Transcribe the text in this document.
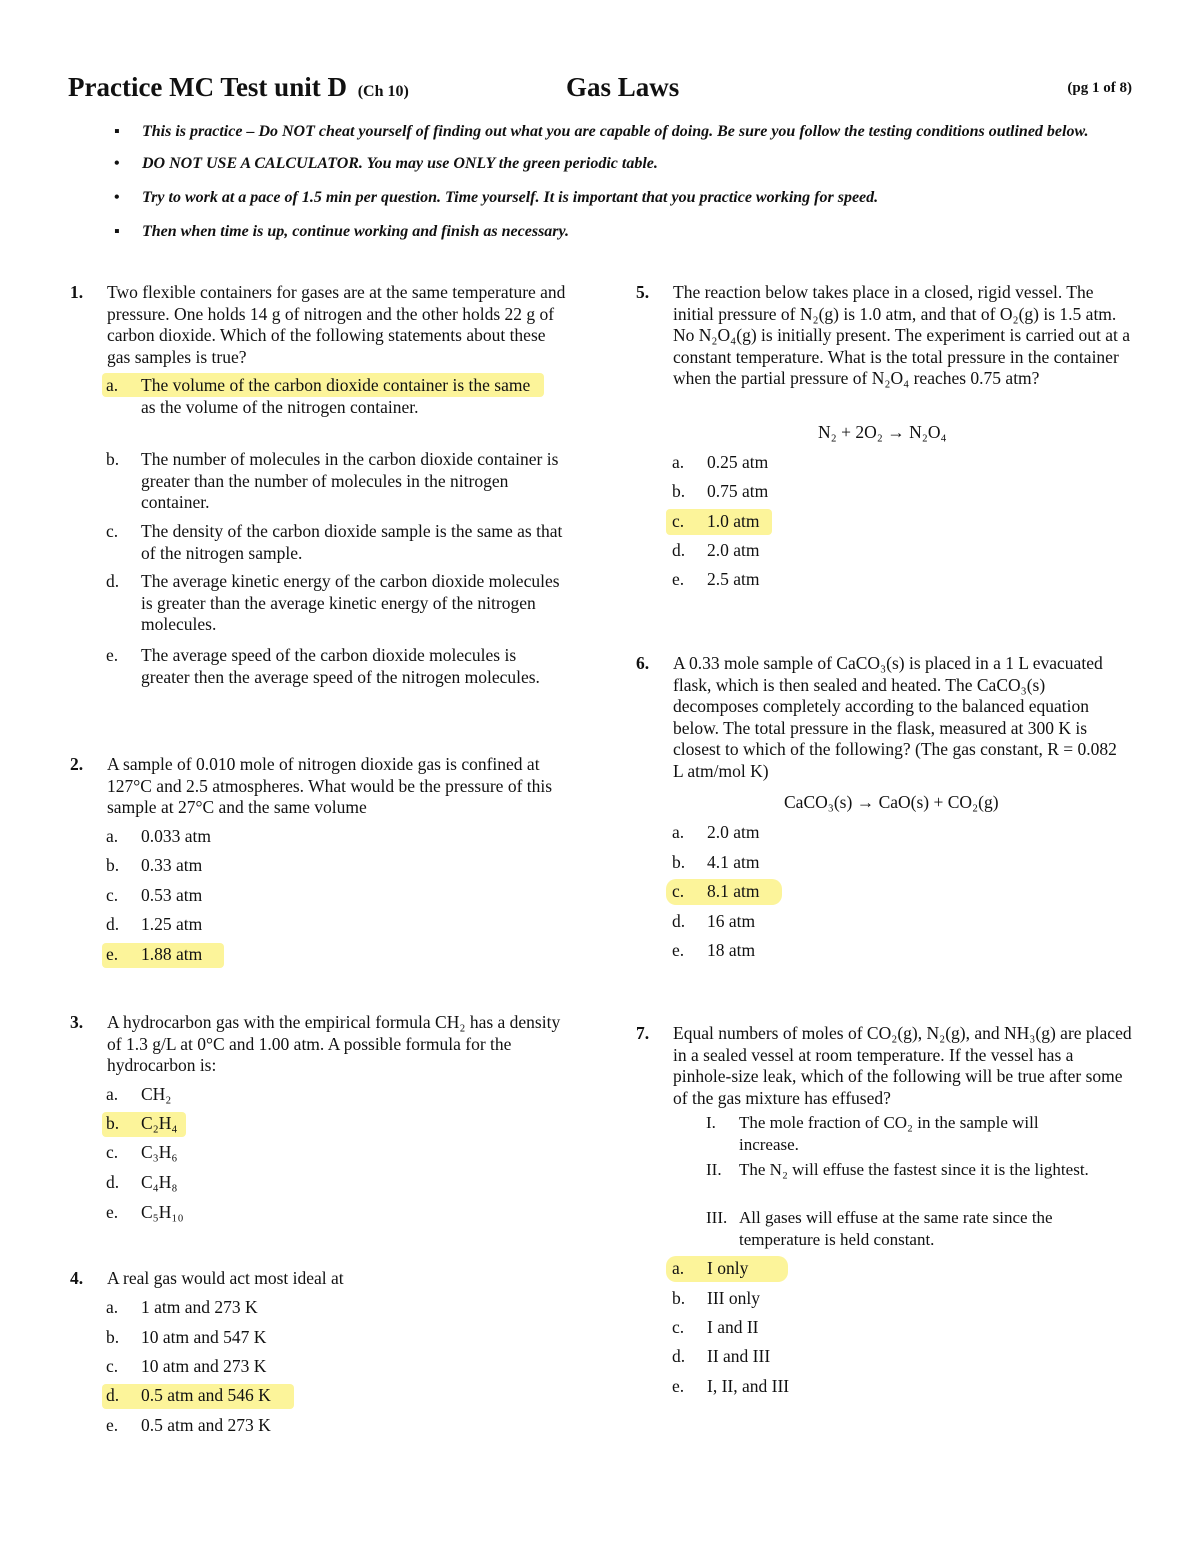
Practice MC Test unit D (Ch 10)	Gas Laws	(pg 1 of 8)
▪ This is practice – Do NOT cheat yourself of finding out what you are capable of doing. Be sure you follow the testing conditions outlined below.
• DO NOT USE A CALCULATOR. You may use ONLY the green periodic table.
• Try to work at a pace of 1.5 min per question. Time yourself. It is important that you practice working for speed.
▪ Then when time is up, continue working and finish as necessary.
1. Two flexible containers for gases are at the same temperature and pressure. One holds 14 g of nitrogen and the other holds 22 g of carbon dioxide. Which of the following statements about these gas samples is true?
a. The volume of the carbon dioxide container is the same as the volume of the nitrogen container.
b. The number of molecules in the carbon dioxide container is greater than the number of molecules in the nitrogen container.
c. The density of the carbon dioxide sample is the same as that of the nitrogen sample.
d. The average kinetic energy of the carbon dioxide molecules is greater than the average kinetic energy of the nitrogen molecules.
e. The average speed of the carbon dioxide molecules is greater then the average speed of the nitrogen molecules.
2. A sample of 0.010 mole of nitrogen dioxide gas is confined at 127°C and 2.5 atmospheres. What would be the pressure of this sample at 27°C and the same volume
a. 0.033 atm
b. 0.33 atm
c. 0.53 atm
d. 1.25 atm
e. 1.88 atm
3. A hydrocarbon gas with the empirical formula CH₂ has a density of 1.3 g/L at 0°C and 1.00 atm. A possible formula for the hydrocarbon is:
a. CH₂
b. C₂H₄
c. C₃H₆
d. C₄H₈
e. C₅H₁₀
4. A real gas would act most ideal at
a. 1 atm and 273 K
b. 10 atm and 547 K
c. 10 atm and 273 K
d. 0.5 atm and 546 K
e. 0.5 atm and 273 K
5. The reaction below takes place in a closed, rigid vessel. The initial pressure of N₂(g) is 1.0 atm, and that of O₂(g) is 1.5 atm. No N₂O₄(g) is initially present. The experiment is carried out at a constant temperature. What is the total pressure in the container when the partial pressure of N₂O₄ reaches 0.75 atm?
N₂ + 2O₂ → N₂O₄
a. 0.25 atm
b. 0.75 atm
c. 1.0 atm
d. 2.0 atm
e. 2.5 atm
6. A 0.33 mole sample of CaCO₃(s) is placed in a 1 L evacuated flask, which is then sealed and heated. The CaCO₃(s) decomposes completely according to the balanced equation below. The total pressure in the flask, measured at 300 K is closest to which of the following? (The gas constant, R = 0.082 L atm/mol K)
CaCO₃(s) → CaO(s) + CO₂(g)
a. 2.0 atm
b. 4.1 atm
c. 8.1 atm
d. 16 atm
e. 18 atm
7. Equal numbers of moles of CO₂(g), N₂(g), and NH₃(g) are placed in a sealed vessel at room temperature. If the vessel has a pinhole-size leak, which of the following will be true after some of the gas mixture has effused?
I. The mole fraction of CO₂ in the sample will increase.
II. The N₂ will effuse the fastest since it is the lightest.
III. All gases will effuse at the same rate since the temperature is held constant.
a. I only
b. III only
c. I and II
d. II and III
e. I, II, and III
